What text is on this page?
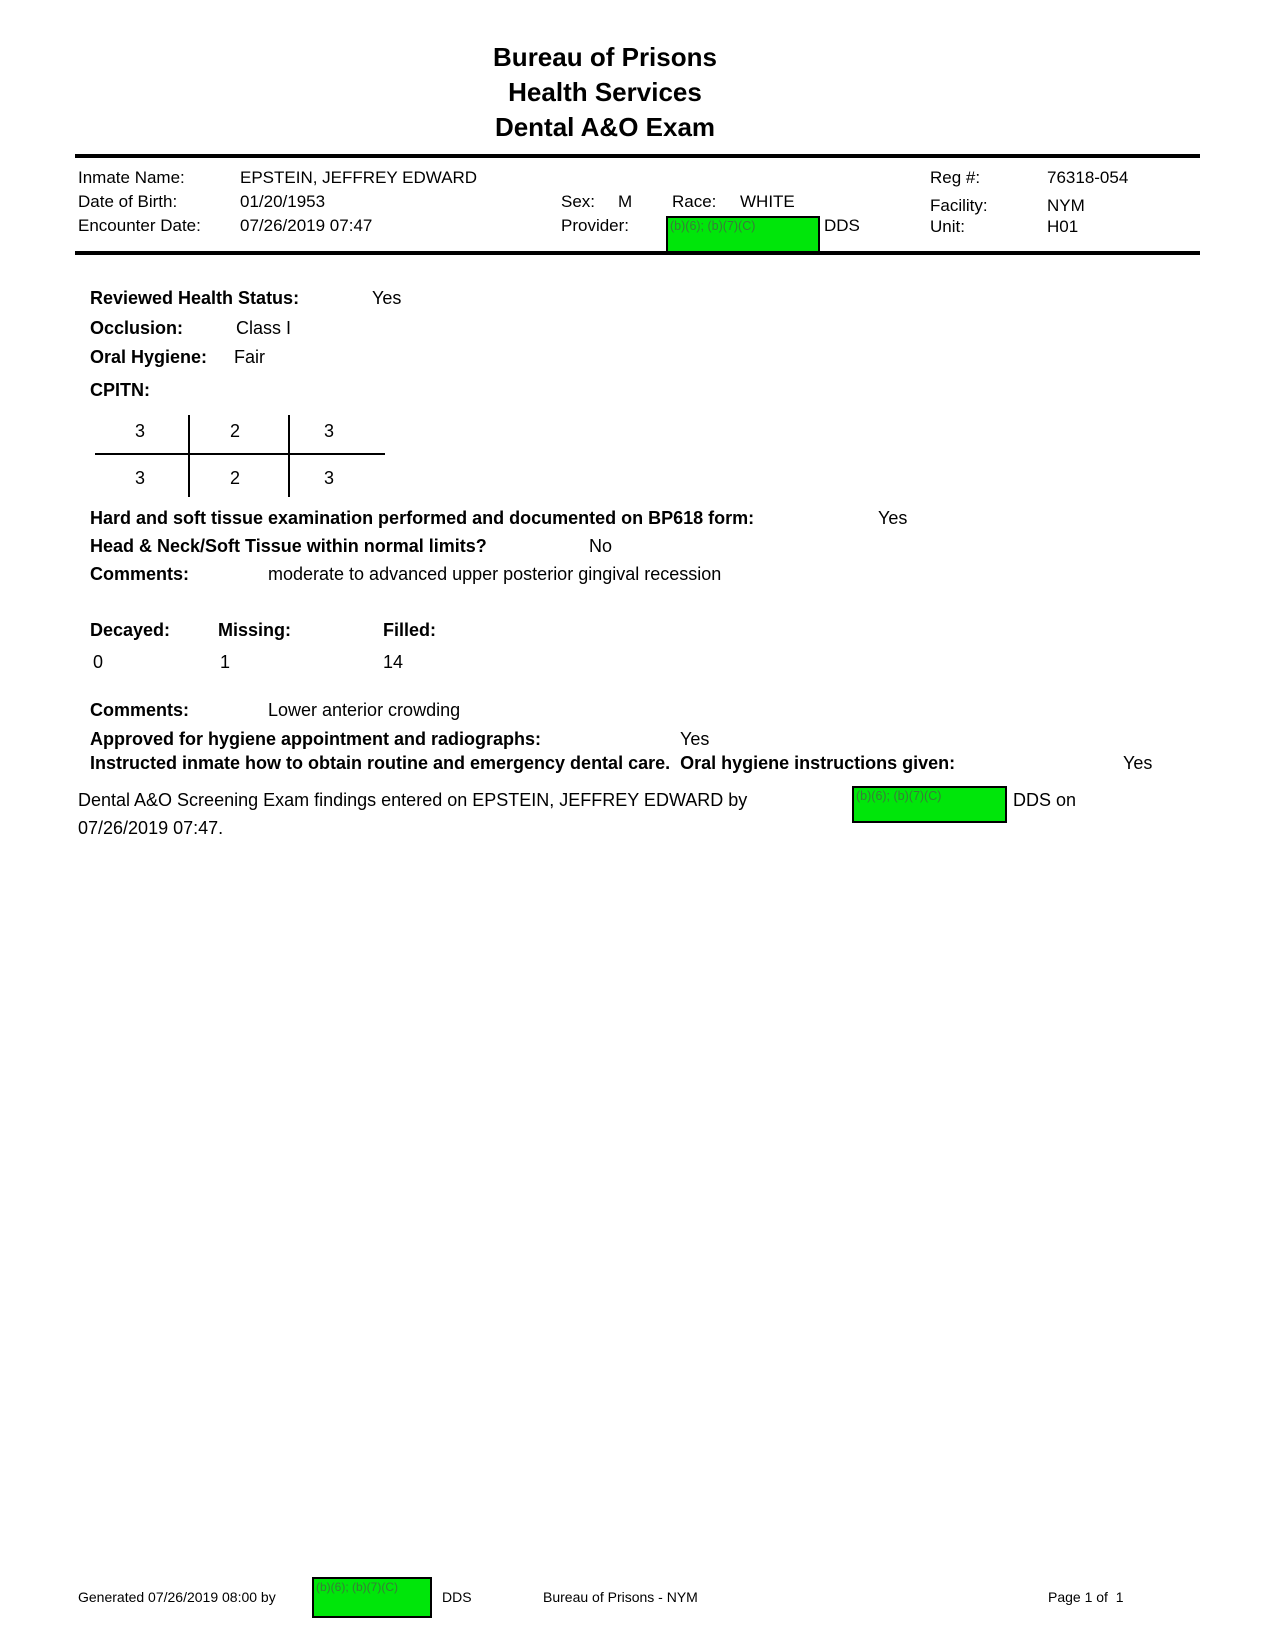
Bureau of Prisons
Health Services
Dental A&O Exam
Inmate Name:	EPSTEIN, JEFFREY EDWARD	Reg #:	76318-054
Date of Birth:	01/20/1953	Sex: M Race: WHITE	Facility:	NYM
Encounter Date: 07/26/2019 07:47	Provider:	(b)(6); (b)(7)(C)	DDS	Unit:	H01
Reviewed Health Status:	Yes
Occlusion:	Class I
Oral Hygiene: Fair
CPITN:
3	2	3
3	2	3
Hard and soft tissue examination performed and documented on BP618 form:	Yes
Head & Neck/Soft Tissue within normal limits?	No
Comments:	moderate to advanced upper posterior gingival recession
Decayed:	Missing:	Filled:
0	1	14
Comments:	Lower anterior crowding
Approved for hygiene appointment and radiographs:	Yes
Instructed inmate how to obtain routine and emergency dental care.  Oral hygiene instructions given:	Yes
Dental A&O Screening Exam findings entered on EPSTEIN, JEFFREY EDWARD by	(b)(6); (b)(7)(C)	DDS on
07/26/2019 07:47.
Generated 07/26/2019 08:00 by
(b)(6); (b)(7)(C)
DDS	Bureau of Prisons - NYM	Page 1 of  1
